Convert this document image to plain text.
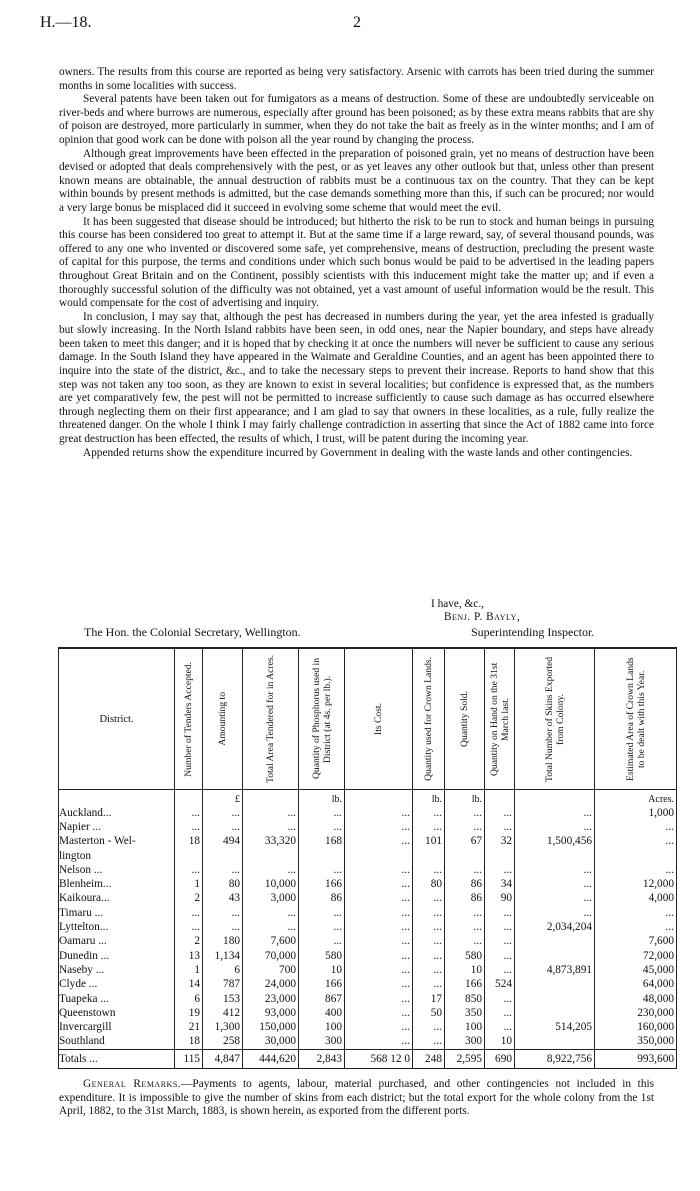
H.—18.	2

owners. The results from this course are reported as being very satisfactory. Arsenic with carrots has been tried during the summer months in some localities with success.

Several patents have been taken out for fumigators as a means of destruction. Some of these are undoubtedly serviceable on river-beds and where burrows are numerous, especially after ground has been poisoned; as by these extra means rabbits that are shy of poison are destroyed, more particularly in summer, when they do not take the bait as freely as in the winter months; and I am of opinion that good work can be done with poison all the year round by changing the process.

Although great improvements have been effected in the preparation of poisoned grain, yet no means of destruction have been devised or adopted that deals comprehensively with the pest, or as yet leaves any other outlook but that, unless other than present known means are obtainable, the annual destruction of rabbits must be a continuous tax on the country. That they can be kept within bounds by present methods is admitted, but the case demands something more than this, if such can be procured; nor would a very large bonus be misplaced did it succeed in evolving some scheme that would meet the evil.

It has been suggested that disease should be introduced; but hitherto the risk to be run to stock and human beings in pursuing this course has been considered too great to attempt it. But at the same time if a large reward, say, of several thousand pounds, was offered to any one who invented or discovered some safe, yet comprehensive, means of destruction, precluding the present waste of capital for this purpose, the terms and conditions under which such bonus would be paid to be advertised in the leading papers throughout Great Britain and on the Continent, possibly scientists with this inducement might take the matter up; and if even a thoroughly successful solution of the difficulty was not obtained, yet a vast amount of useful information would be the result. This would compensate for the cost of advertising and inquiry.

In conclusion, I may say that, although the pest has decreased in numbers during the year, yet the area infested is gradually but slowly increasing. In the North Island rabbits have been seen, in odd ones, near the Napier boundary, and steps have already been taken to meet this danger; and it is hoped that by checking it at once the numbers will never be sufficient to cause any serious damage. In the South Island they have appeared in the Waimate and Geraldine Counties, and an agent has been appointed there to inquire into the state of the district, &c., and to take the necessary steps to prevent their increase. Reports to hand show that this step was not taken any too soon, as they are known to exist in several localities; but confidence is expressed that, as the numbers are yet comparatively few, the pest will not be permitted to increase sufficiently to cause such damage as has occurred elsewhere through neglecting them on their first appearance; and I am glad to say that owners in these localities, as a rule, fully realize the threatened danger. On the whole I think I may fairly challenge contradiction in asserting that since the Act of 1882 came into force great destruction has been effected, the results of which, I trust, will be patent during the incoming year.

Appended returns show the expenditure incurred by Government in dealing with the waste lands and other contingencies.

I have, &c.,
Benj. P. Bayly,
The Hon. the Colonial Secretary, Wellington.	Superintending Inspector.
District.	Number of Tenders Accepted.	Amounting to	Total Area Tendered for in Acres.	Quantity of Phosphorus used in District (at 4s. per lb.).	Its Cost.	Quantity used for Crown Lands.	Quantity Sold.	Quantity on Hand on the 31st March last.	Total Number of Skins Exported from Colony.	Estimated Area of Crown Lands to be dealt with this Year.

		£		lb.		lb.	lb.			Acres.
Auckland...	...	...	...	...	...	...	...	...	...	1,000
Napier ...	...	...	...	...	...	...	...	...	...	...
Masterton - Wel-	18	494	33,320	168	...	101	67	32	1,500,456	...
lington										
Nelson ...	...	...	...	...	...	...	...	...	...	...
Blenheim...	1	80	10,000	166	...	80	86	34	...	12,000
Kaikoura...	2	43	3,000	86	...	...	86	90	...	4,000
Timaru ...	...	...	...	...	...	...	...	...	...	...
Lyttelton...	...	...	...	...	...	...	...	...	2,034,204	...
Oamaru ...	2	180	7,600	...	...	...	...	...		7,600
Dunedin ...	13	1,134	70,000	580	...	...	580	...		72,000
Naseby ...	1	6	700	10	...	...	10	...	4,873,891	45,000
Clyde ...	14	787	24,000	166	...	...	166	524		64,000
Tuapeka ...	6	153	23,000	867	...	17	850	...		48,000
Queenstown	19	412	93,000	400	...	50	350	...		230,000
Invercargill	21	1,300	150,000	100	...	...	100	...	514,205	160,000
Southland	18	258	30,000	300	...	...	300	10		350,000
Totals ...	115	4,847	444,620	2,843	568 12 0	248	2,595	690	8,922,756	993,600

General Remarks.—Payments to agents, labour, material purchased, and other contingencies not included in this expenditure. It is impossible to give the number of skins from each district; but the total export for the whole colony from the 1st April, 1882, to the 31st March, 1883, is shown herein, as exported from the different ports.
